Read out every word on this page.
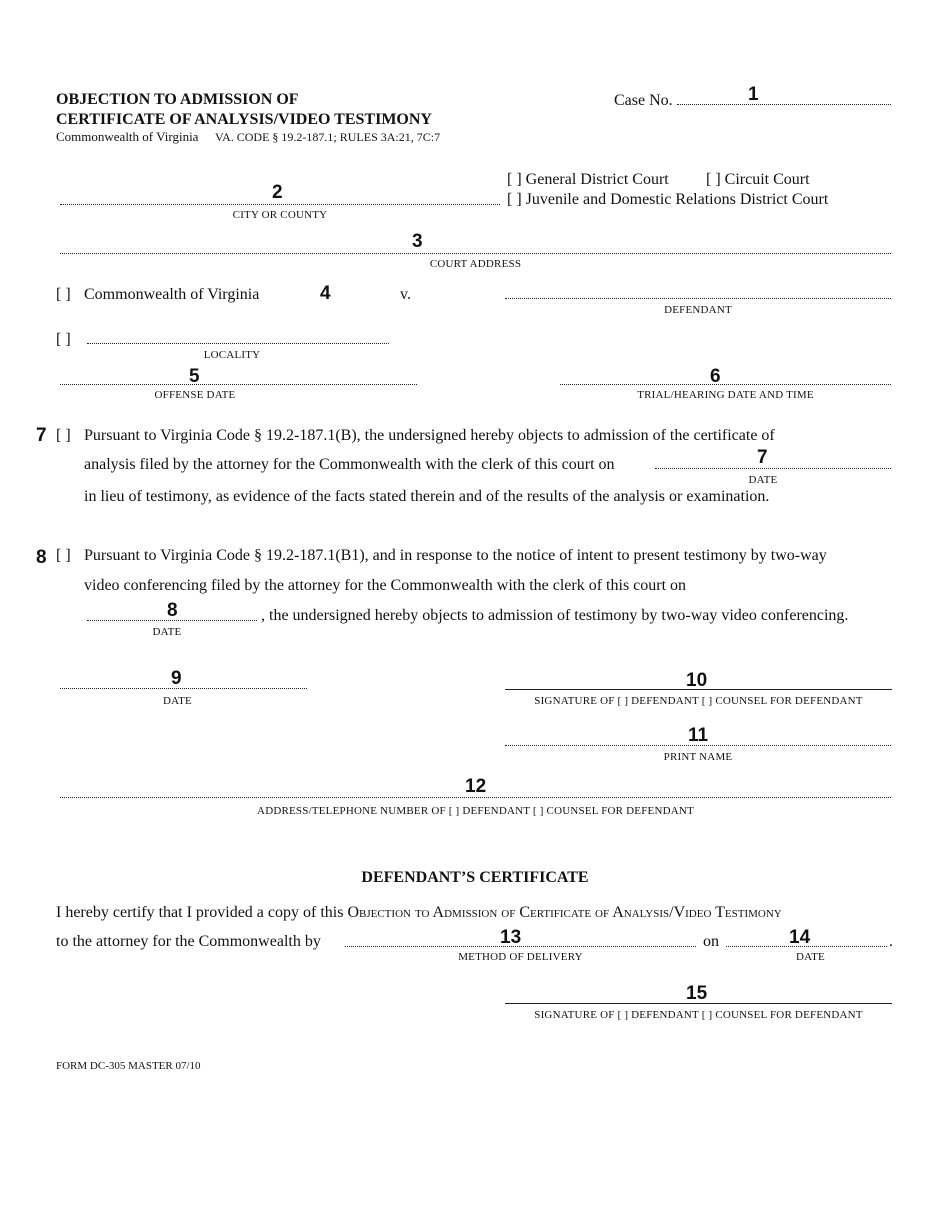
OBJECTION TO ADMISSION OF
CERTIFICATE OF ANALYSIS/VIDEO TESTIMONY
Commonwealth of Virginia VA. CODE § 19.2-187.1; RULES 3A:21, 7C:7
Case No.	1
[ ] General District Court [ ] Circuit Court
[ ] Juvenile and Domestic Relations District Court
2
CITY OR COUNTY
3
COURT ADDRESS
[ ] Commonwealth of Virginia	4	v.
DEFENDANT
[ ]
LOCALITY
5
OFFENSE DATE
6
TRIAL/HEARING DATE AND TIME
7 [ ] Pursuant to Virginia Code § 19.2-187.1(B), the undersigned hereby objects to admission of the certificate of
analysis filed by the attorney for the Commonwealth with the clerk of this court on	7
DATE
in lieu of testimony, as evidence of the facts stated therein and of the results of the analysis or examination.
8 [ ] Pursuant to Virginia Code § 19.2-187.1(B1), and in response to the notice of intent to present testimony by two-way
video conferencing filed by the attorney for the Commonwealth with the clerk of this court on
8
DATE
, the undersigned hereby objects to admission of testimony by two-way video conferencing.
9
DATE
10
SIGNATURE OF [ ] DEFENDANT [ ] COUNSEL FOR DEFENDANT
11
PRINT NAME
12
ADDRESS/TELEPHONE NUMBER OF [ ] DEFENDANT [ ] COUNSEL FOR DEFENDANT
DEFENDANT’S CERTIFICATE
I hereby certify that I provided a copy of this Objection to Admission of Certificate of Analysis/Video Testimony
to the attorney for the Commonwealth by	13
METHOD OF DELIVERY
on	14
DATE
.
15
SIGNATURE OF [ ] DEFENDANT [ ] COUNSEL FOR DEFENDANT
FORM DC-305 MASTER 07/10
